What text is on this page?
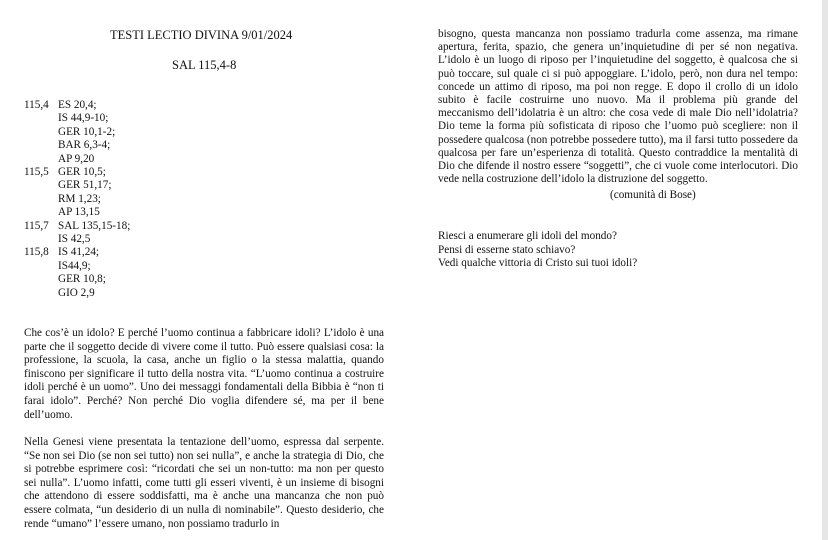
TESTI LECTIO DIVINA 9/01/2024
SAL 115,4-8
115,4 ES 20,4;
IS 44,9-10;
GER 10,1-2;
BAR 6,3-4;
AP 9,20
115,5 GER 10,5;
GER 51,17;
RM 1,23;
AP 13,15
115,7 SAL 135,15-18;
IS 42,5
115,8 IS 41,24;
IS44,9;
GER 10,8;
GIO 2,9

Che cos’è un idolo? E perché l’uomo continua a fabbricare idoli? L’idolo è una parte che il soggetto decide di vivere come il tutto. Può essere qualsiasi cosa: la professione, la scuola, la casa, anche un figlio o la stessa malattia, quando finiscono per significare il tutto della nostra vita. “L’uomo continua a costruire idoli perché è un uomo”. Uno dei messaggi fondamentali della Bibbia è “non ti farai idolo”. Perché? Non perché Dio voglia difendere sé, ma per il bene dell’uomo.

Nella Genesi viene presentata la tentazione dell’uomo, espressa dal serpente. “Se non sei Dio (se non sei tutto) non sei nulla”, e anche la strategia di Dio, che si potrebbe esprimere così: “ricordati che sei un non-tutto: ma non per questo sei nulla”. L’uomo infatti, come tutti gli esseri viventi, è un insieme di bisogni che attendono di essere soddisfatti, ma è anche una mancanza che non può essere colmata, “un desiderio di un nulla di nominabile”. Questo desiderio, che rende “umano” l’essere umano, non possiamo tradurlo in

bisogno, questa mancanza non possiamo tradurla come assenza, ma rimane apertura, ferita, spazio, che genera un’inquietudine di per sé non negativa. L’idolo è un luogo di riposo per l’inquietudine del soggetto, è qualcosa che si può toccare, sul quale ci si può appoggiare. L’idolo, però, non dura nel tempo: concede un attimo di riposo, ma poi non regge. E dopo il crollo di un idolo subito è facile costruirne uno nuovo. Ma il problema più grande del meccanismo dell’idolatria è un altro: che cosa vede di male Dio nell’idolatria? Dio teme la forma più sofisticata di riposo che l’uomo può scegliere: non il possedere qualcosa (non potrebbe possedere tutto), ma il farsi tutto possedere da qualcosa per fare un’esperienza di totalità. Questo contraddice la mentalità di Dio che difende il nostro essere “soggetti”, che ci vuole come interlocutori. Dio vede nella costruzione dell’idolo la distruzione del soggetto.

(comunità di Bose)
Riesci a enumerare gli idoli del mondo?
Pensi di esserne stato schiavo?
Vedi qualche vittoria di Cristo sui tuoi idoli?
